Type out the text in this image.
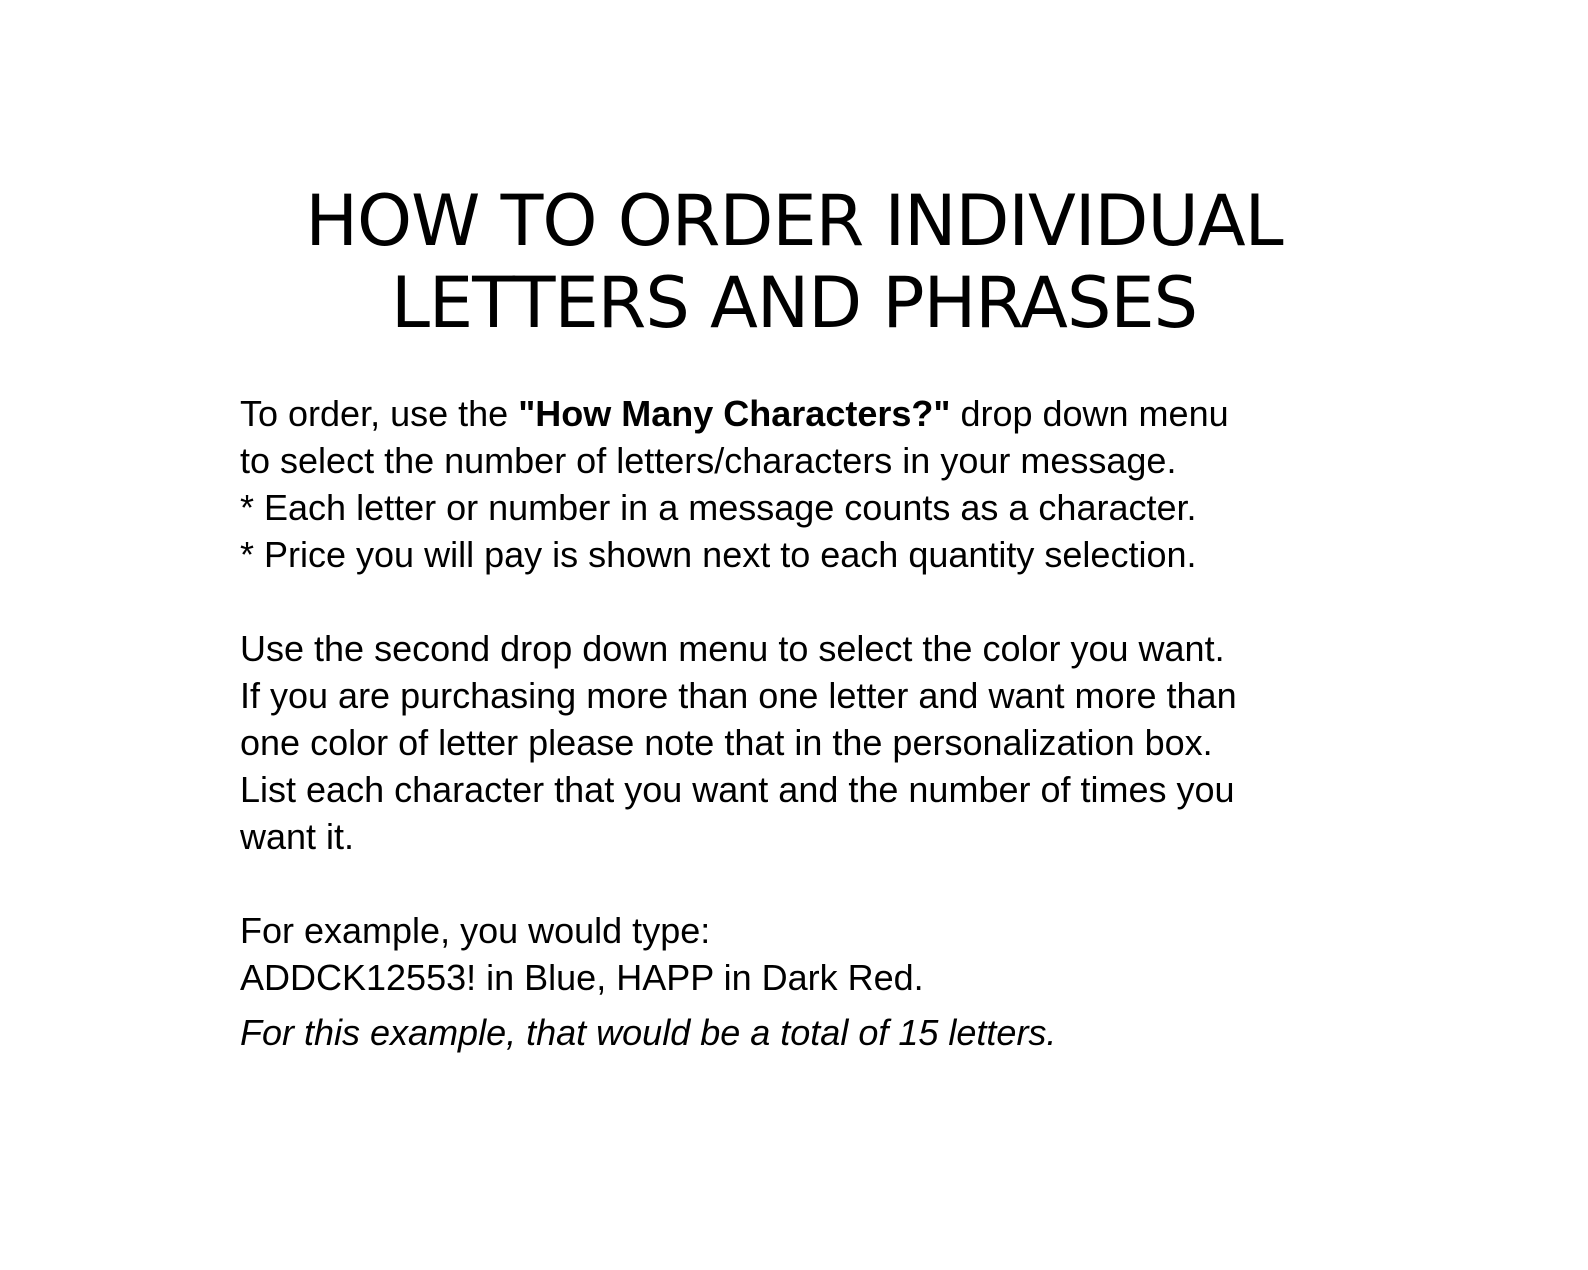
HOW TO ORDER INDIVIDUAL
LETTERS AND PHRASES

To order, use the "How Many Characters?" drop down menu
to select the number of letters/characters in your message.
* Each letter or number in a message counts as a character.
* Price you will pay is shown next to each quantity selection.

Use the second drop down menu to select the color you want.
If you are purchasing more than one letter and want more than
one color of letter please note that in the personalization box.
List each character that you want and the number of times you
want it.

For example, you would type:
ADDCK12553! in Blue, HAPP in Dark Red.
For this example, that would be a total of 15 letters.
